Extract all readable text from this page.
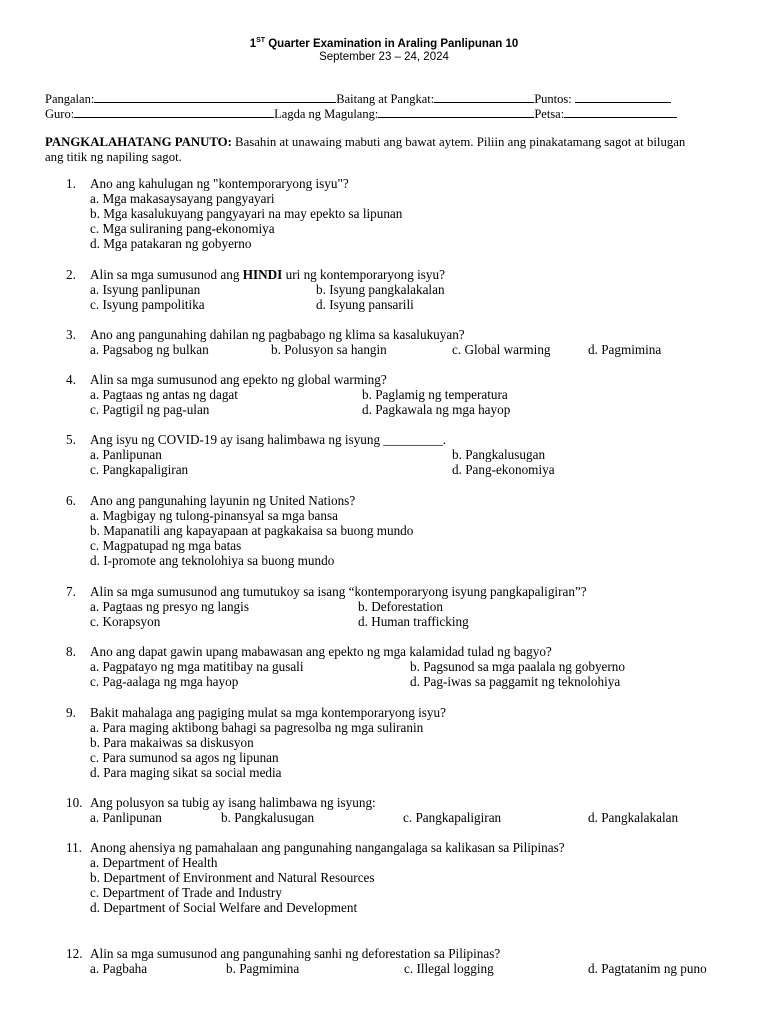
1ST Quarter Examination in Araling Panlipunan 10
September 23 – 24, 2024
Pangalan:	Baitang at Pangkat:	Puntos:
Guro:	Lagda ng Magulang:	Petsa:
PANGKALAHATANG PANUTO: Basahin at unawaing mabuti ang bawat aytem. Piliin ang pinakatamang sagot at bilugan ang titik ng napiling sagot.
1.	Ano ang kahulugan ng "kontemporaryong isyu"?
a. Mga makasaysayang pangyayari
b. Mga kasalukuyang pangyayari na may epekto sa lipunan
c. Mga suliraning pang-ekonomiya
d. Mga patakaran ng gobyerno
2.	Alin sa mga sumusunod ang HINDI uri ng kontemporaryong isyu?
a. Isyung panlipunan	b. Isyung pangkalakalan
c. Isyung pampolitika	d. Isyung pansarili
3.	Ano ang pangunahing dahilan ng pagbabago ng klima sa kasalukuyan?
a. Pagsabog ng bulkan	b. Polusyon sa hangin	c. Global warming	d. Pagmimina
4.	Alin sa mga sumusunod ang epekto ng global warming?
a. Pagtaas ng antas ng dagat	b. Paglamig ng temperatura
c. Pagtigil ng pag-ulan	d. Pagkawala ng mga hayop
5.	Ang isyu ng COVID-19 ay isang halimbawa ng isyung _________.
a. Panlipunan	b. Pangkalusugan
c. Pangkapaligiran	d. Pang-ekonomiya
6.	Ano ang pangunahing layunin ng United Nations?
a. Magbigay ng tulong-pinansyal sa mga bansa
b. Mapanatili ang kapayapaan at pagkakaisa sa buong mundo
c. Magpatupad ng mga batas
d. I-promote ang teknolohiya sa buong mundo
7.	Alin sa mga sumusunod ang tumutukoy sa isang “kontemporaryong isyung pangkapaligiran”?
a. Pagtaas ng presyo ng langis	b. Deforestation
c. Korapsyon	d. Human trafficking
8.	Ano ang dapat gawin upang mabawasan ang epekto ng mga kalamidad tulad ng bagyo?
a. Pagpatayo ng mga matitibay na gusali	b. Pagsunod sa mga paalala ng gobyerno
c. Pag-aalaga ng mga hayop	d. Pag-iwas sa paggamit ng teknolohiya
9.	Bakit mahalaga ang pagiging mulat sa mga kontemporaryong isyu?
a. Para maging aktibong bahagi sa pagresolba ng mga suliranin
b. Para makaiwas sa diskusyon
c. Para sumunod sa agos ng lipunan
d. Para maging sikat sa social media
10. Ang polusyon sa tubig ay isang halimbawa ng isyung:
a. Panlipunan	b. Pangkalusugan	c. Pangkapaligiran	d. Pangkalakalan
11. Anong ahensiya ng pamahalaan ang pangunahing nangangalaga sa kalikasan sa Pilipinas?
a. Department of Health
b. Department of Environment and Natural Resources
c. Department of Trade and Industry
d. Department of Social Welfare and Development
12. Alin sa mga sumusunod ang pangunahing sanhi ng deforestation sa Pilipinas?
a. Pagbaha	b. Pagmimina	c. Illegal logging	d. Pagtatanim ng puno
